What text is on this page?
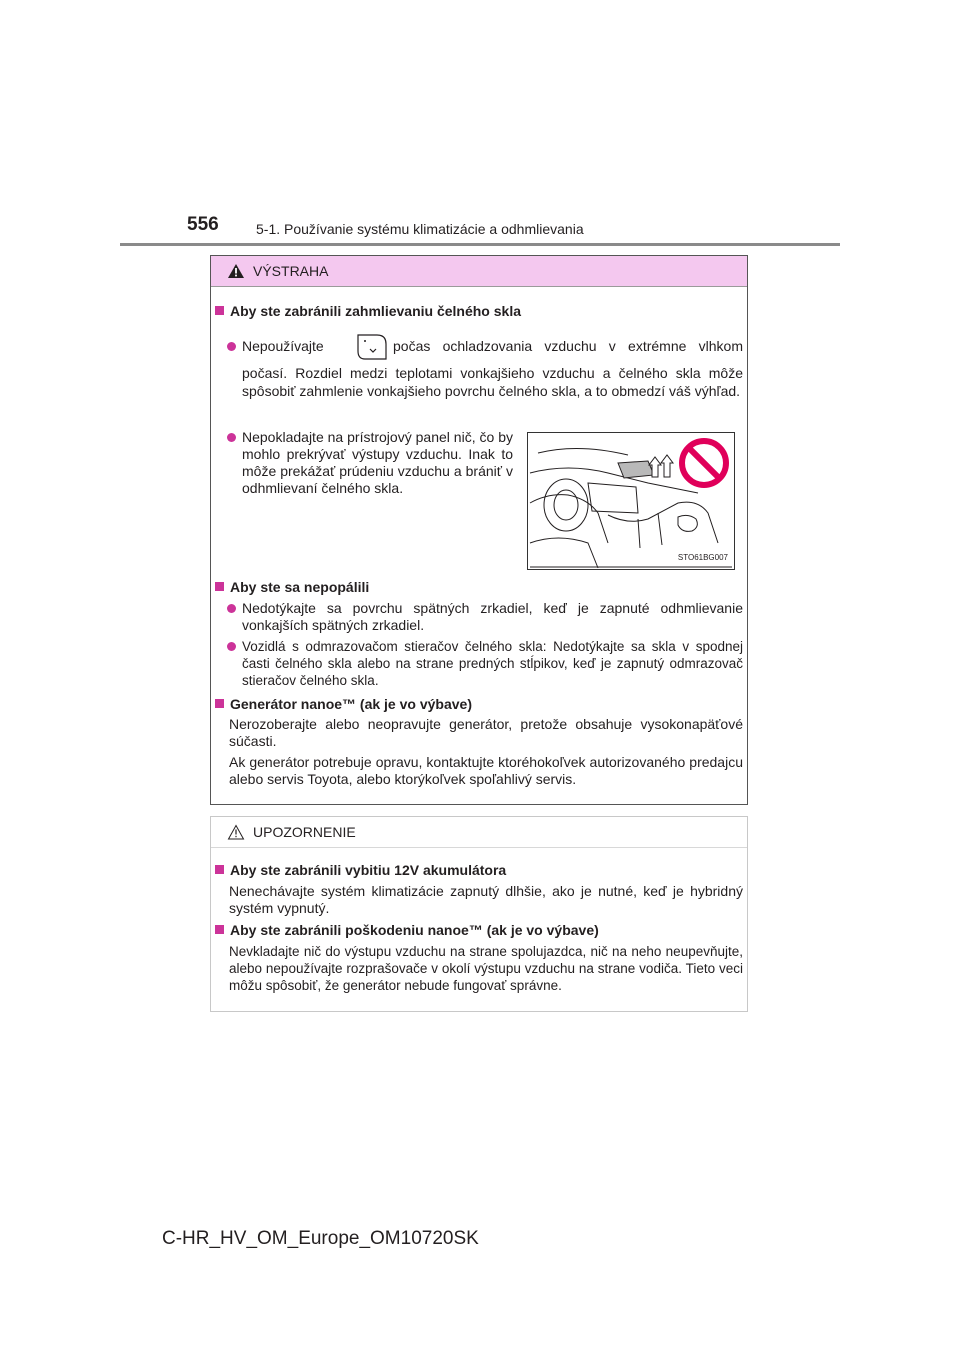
556	5-1. Používanie systému klimatizácie a odhmlievania
VÝSTRAHA
Aby ste zabránili zahmlievaniu čelného skla
Nepoužívajte	počas ochladzovania vzduchu v extrémne vlhkom
počasí. Rozdiel medzi teplotami vonkajšieho vzduchu a čelného skla môže spôsobiť zahmlenie vonkajšieho povrchu čelného skla, a to obmedzí váš výhľad.
Nepokladajte na prístrojový panel nič, čo by mohlo prekrývať výstupy vzduchu. Inak to môže prekážať prúdeniu vzduchu a brániť v odhmlievaní čelného skla.
STO61BG007
Aby ste sa nepopálili
Nedotýkajte sa povrchu spätných zrkadiel, keď je zapnuté odhmlievanie vonkajších spätných zrkadiel.
Vozidlá s odmrazovačom stieračov čelného skla: Nedotýkajte sa skla v spodnej časti čelného skla alebo na strane predných stĺpikov, keď je zapnutý odmrazovač stieračov čelného skla.
Generátor nanoe™ (ak je vo výbave)
Nerozoberajte alebo neopravujte generátor, pretože obsahuje vysokonapäťové súčasti.
Ak generátor potrebuje opravu, kontaktujte ktoréhokoľvek autorizovaného predajcu alebo servis Toyota, alebo ktorýkoľvek spoľahlivý servis.
UPOZORNENIE
Aby ste zabránili vybitiu 12V akumulátora
Nenechávajte systém klimatizácie zapnutý dlhšie, ako je nutné, keď je hybridný systém vypnutý.
Aby ste zabránili poškodeniu nanoe™ (ak je vo výbave)
Nevkladajte nič do výstupu vzduchu na strane spolujazdca, nič na neho neupevňujte, alebo nepoužívajte rozprašovače v okolí výstupu vzduchu na strane vodiča. Tieto veci môžu spôsobiť, že generátor nebude fungovať správne.
C-HR_HV_OM_Europe_OM10720SK
